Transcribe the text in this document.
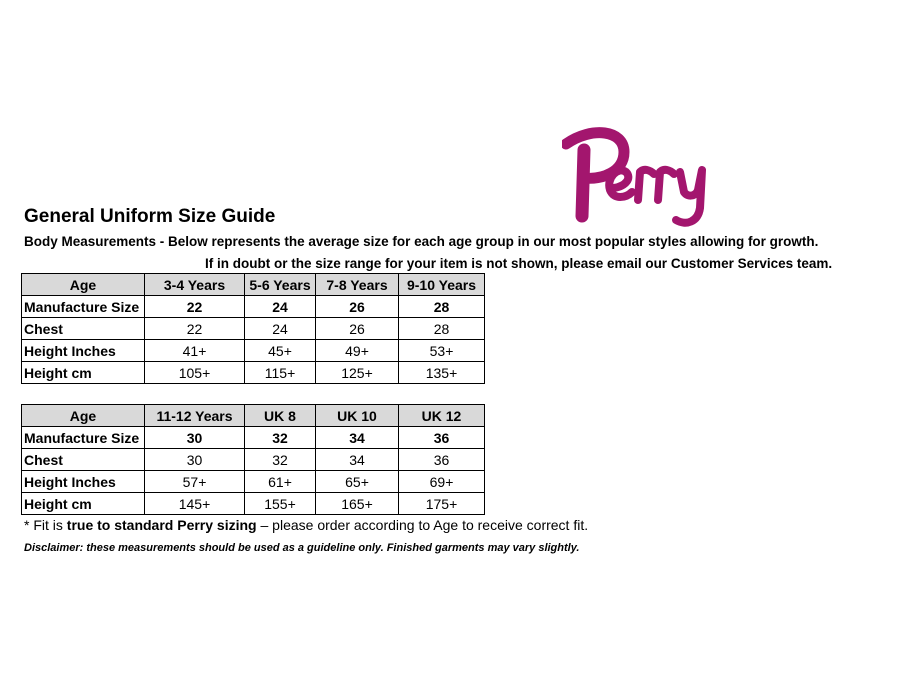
General Uniform Size Guide
Body Measurements - Below represents the average size for each age group in our most popular styles allowing for growth.
If in doubt or the size range for your item is not shown, please email our Customer Services team.
Age	3-4 Years	5-6 Years	7-8 Years	9-10 Years
Manufacture Size	22	24	26	28
Chest	22	24	26	28
Height Inches	41+	45+	49+	53+
Height cm	105+	115+	125+	135+
Age	11-12 Years	UK 8	UK 10	UK 12
Manufacture Size	30	32	34	36
Chest	30	32	34	36
Height Inches	57+	61+	65+	69+
Height cm	145+	155+	165+	175+
* Fit is true to standard Perry sizing – please order according to Age to receive correct fit.
Disclaimer: these measurements should be used as a guideline only. Finished garments may vary slightly.
